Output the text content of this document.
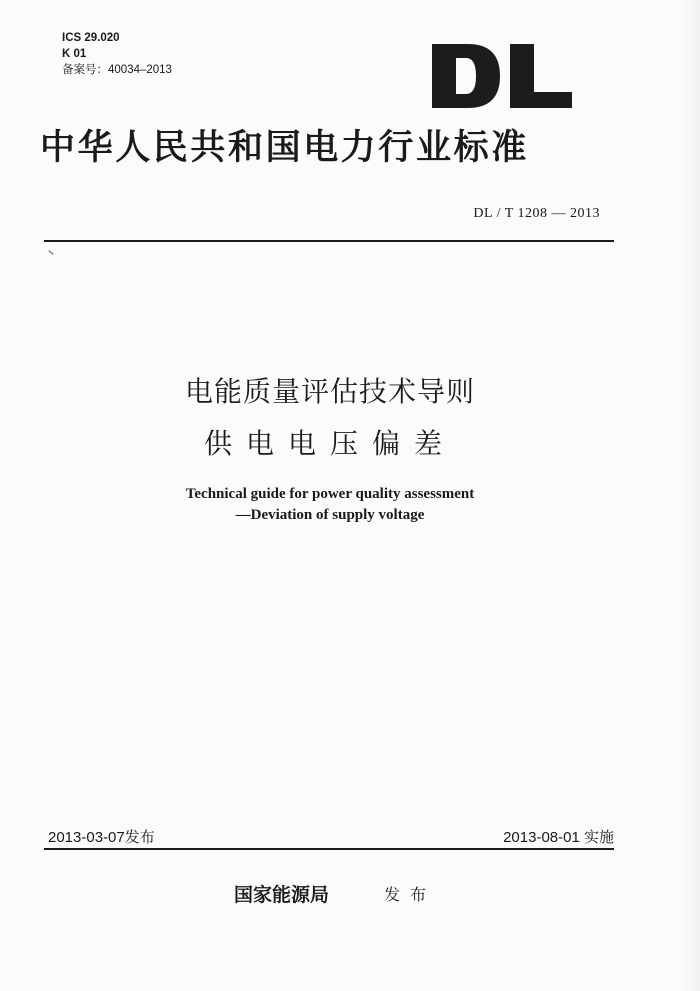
ICS 29.020
K 01
备案号：40034–2013
中华人民共和国电力行业标准
DL / T 1208 — 2013
电能质量评估技术导则
供电电压偏差
Technical guide for power quality assessment
—Deviation of supply voltage
2013-03-07发布	2013-08-01 实施
国家能源局	发布
